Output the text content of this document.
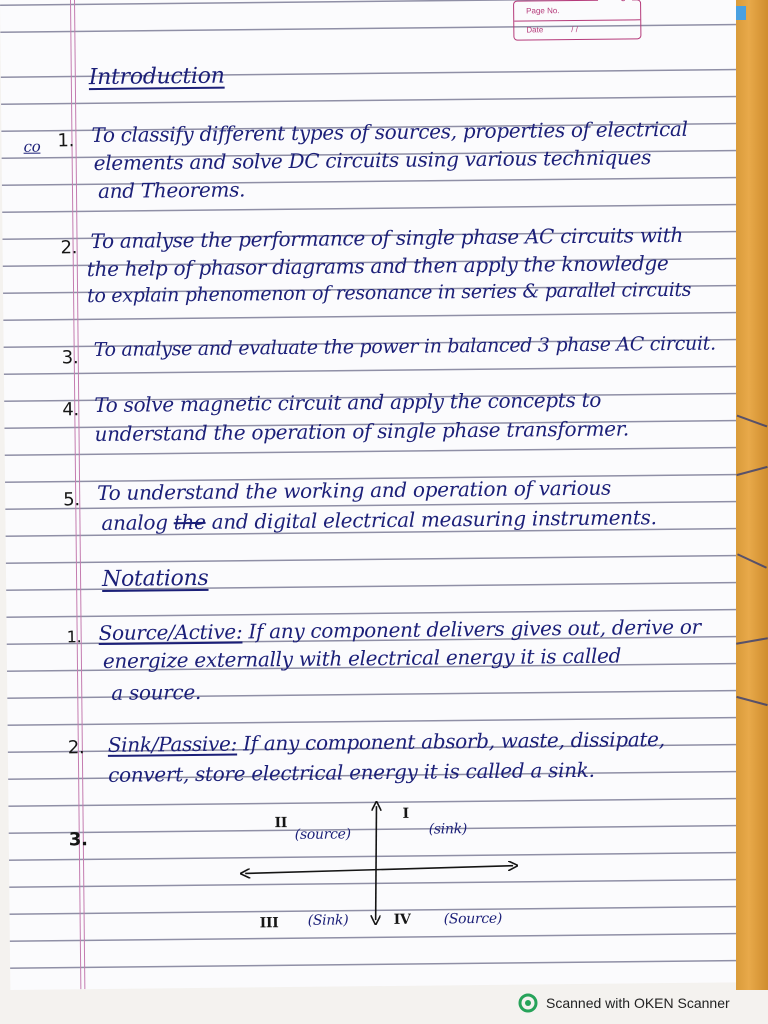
Page No.
Date	/ /
Introduction
co 1. To classify different types of sources, properties of electrical
elements and solve DC circuits using various techniques
and Theorems.
2. To analyse the performance of single phase AC circuits with
the help of phasor diagrams and then apply the knowledge
to explain phenomenon of resonance in series & parallel circuits
3. To analyse and evaluate the power in balanced 3 phase AC circuit.
4. To solve magnetic circuit and apply the concepts to
understand the operation of single phase transformer.
5. To understand the working and operation of various
analog the and digital electrical measuring instruments.
Notations
1. Source/Active: If any component delivers gives out, derive or
energize externally with electrical energy it is called
a source.
2. Sink/Passive: If any component absorb, waste, dissipate,
convert, store electrical energy it is called a sink.
3.
II
(source)
I
(sink)
III (Sink)	IV (Source)
Scanned with OKEN Scanner
